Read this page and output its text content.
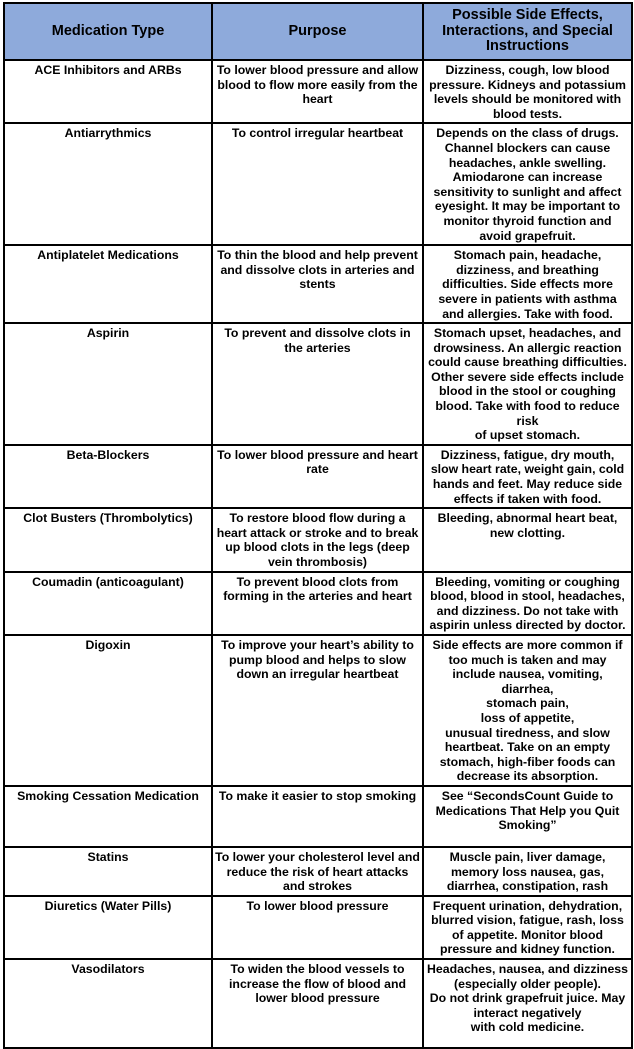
Medication Type	Purpose	Possible Side Effects, Interactions, and Special Instructions
ACE Inhibitors and ARBs	To lower blood pressure and allow blood to flow more easily from the heart	Dizziness, cough, low blood pressure. Kidneys and potassium levels should be monitored with blood tests.
Antiarrythmics	To control irregular heartbeat	Depends on the class of drugs. Channel blockers can cause headaches, ankle swelling. Amiodarone can increase sensitivity to sunlight and affect eyesight. It may be important to monitor thyroid function and avoid grapefruit.
Antiplatelet Medications	To thin the blood and help prevent and dissolve clots in arteries and stents	Stomach pain, headache, dizziness, and breathing difficulties. Side effects more severe in patients with asthma and allergies. Take with food.
Aspirin	To prevent and dissolve clots in the arteries	Stomach upset, headaches, and drowsiness. An allergic reaction could cause breathing difficulties. Other severe side effects include blood in the stool or coughing blood. Take with food to reduce risk
of upset stomach.
Beta-Blockers	To lower blood pressure and heart rate	Dizziness, fatigue, dry mouth, slow heart rate, weight gain, cold hands and feet. May reduce side effects if taken with food.
Clot Busters (Thrombolytics)	To restore blood flow during a heart attack or stroke and to break up blood clots in the legs (deep vein thrombosis)	Bleeding, abnormal heart beat, new clotting.
Coumadin (anticoagulant)	To prevent blood clots from forming in the arteries and heart	Bleeding, vomiting or coughing blood, blood in stool, headaches, and dizziness. Do not take with aspirin unless directed by doctor.
Digoxin	To improve your heart’s ability to pump blood and helps to slow down an irregular heartbeat	Side effects are more common if too much is taken and may include nausea, vomiting,
diarrhea,
stomach pain,
loss of appetite,
unusual tiredness, and slow heartbeat. Take on an empty stomach, high-fiber foods can decrease its absorption.
Smoking Cessation Medication	To make it easier to stop smoking	See “SecondsCount Guide to Medications That Help you Quit Smoking”
Statins	To lower your cholesterol level and reduce the risk of heart attacks and strokes	Muscle pain, liver damage, memory loss nausea, gas, diarrhea, constipation, rash
Diuretics (Water Pills)	To lower blood pressure	Frequent urination, dehydration, blurred vision, fatigue, rash, loss of appetite. Monitor blood pressure and kidney function.
Vasodilators	To widen the blood vessels to increase the flow of blood and lower blood pressure	Headaches, nausea, and dizziness (especially older people).
Do not drink grapefruit juice. May interact negatively
with cold medicine.
